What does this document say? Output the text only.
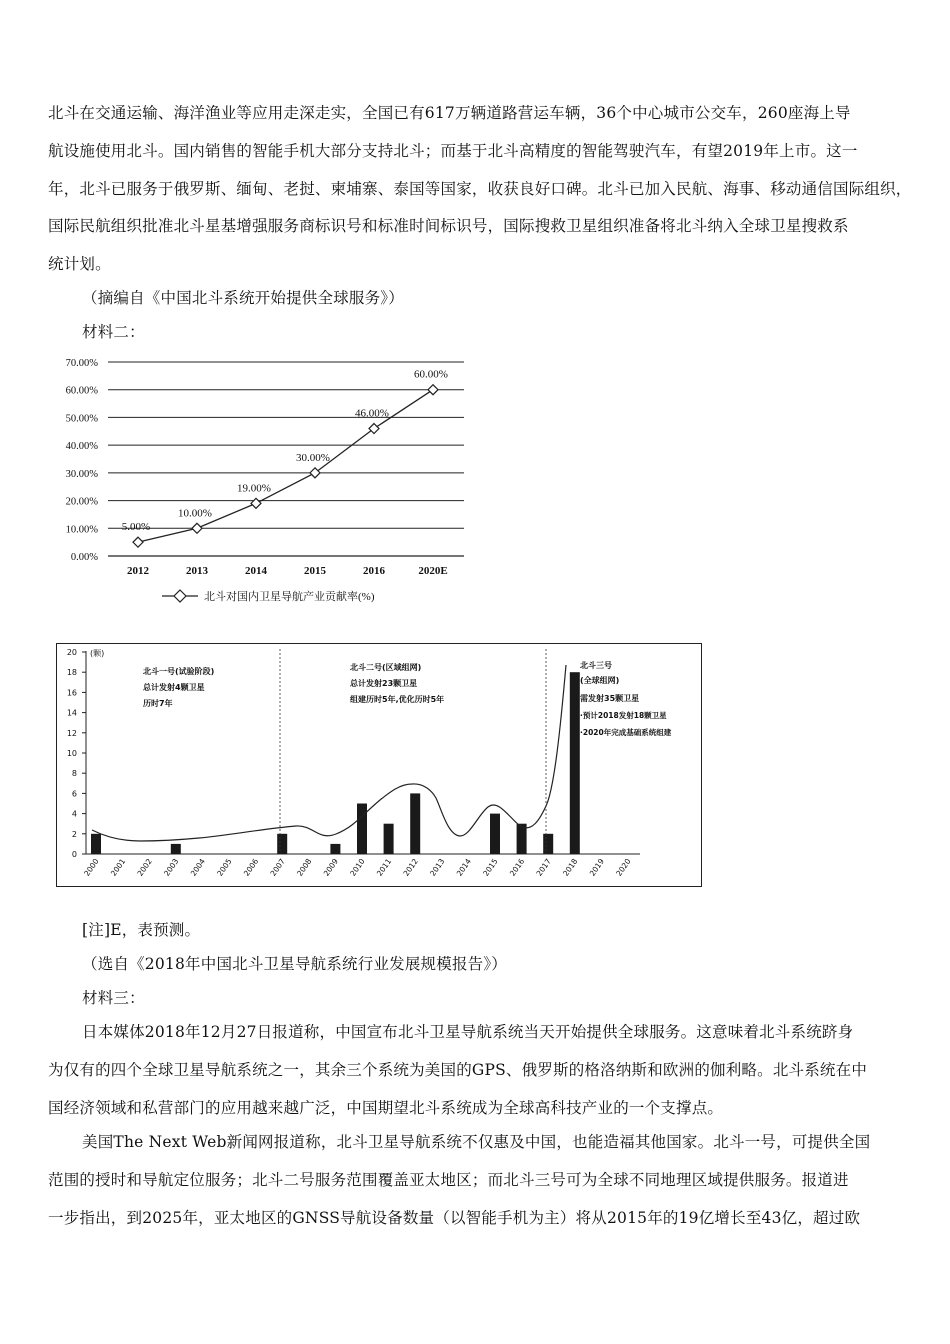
北斗在交通运输、海洋渔业等应用走深走实，全国已有617万辆道路营运车辆，36个中心城市公交车，260座海上导
航设施使用北斗。国内销售的智能手机大部分支持北斗；而基于北斗高精度的智能驾驶汽车，有望2019年上市。这一
年，北斗已服务于俄罗斯、缅甸、老挝、柬埔寨、泰国等国家，收获良好口碑。北斗已加入民航、海事、移动通信国际组织，
国际民航组织批准北斗星基增强服务商标识号和标准时间标识号，国际搜救卫星组织准备将北斗纳入全球卫星搜救系
统计划。
（摘编自《中国北斗系统开始提供全球服务》）
材料二：
0.00%
10.00%
20.00%
30.00%
40.00%
50.00%
60.00%
70.00%
2012	2013	2014	2015	2016	2020E
5.00%
10.00%
19.00%
30.00%
46.00%
60.00%
北斗对国内卫星导航产业贡献率(%)
(颗)
0
2
4
6
8
10
12
14
16
18
20
2000 2001 2002 2003 2004 2005 2006 2007 2008 2009 2010 2011 2012 2013 2014 2015 2016 2017 2018 2019 2020
北斗一号(试验阶段)
总计发射4颗卫星
历时7年
北斗二号(区域组网)
总计发射23颗卫星
组建历时5年,优化历时5年
北斗三号
(全球组网)
需发射35颗卫星
·预计2018发射18颗卫星
·2020年完成基础系统组建
[注]E，表预测。
（选自《2018年中国北斗卫星导航系统行业发展规模报告》）
材料三：
日本媒体2018年12月27日报道称，中国宣布北斗卫星导航系统当天开始提供全球服务。这意味着北斗系统跻身
为仅有的四个全球卫星导航系统之一，其余三个系统为美国的GPS、俄罗斯的格洛纳斯和欧洲的伽利略。北斗系统在中
国经济领域和私营部门的应用越来越广泛，中国期望北斗系统成为全球高科技产业的一个支撑点。
美国The Next Web新闻网报道称，北斗卫星导航系统不仅惠及中国，也能造福其他国家。北斗一号，可提供全国
范围的授时和导航定位服务；北斗二号服务范围覆盖亚太地区；而北斗三号可为全球不同地理区域提供服务。报道进
一步指出，到2025年，亚太地区的GNSS导航设备数量（以智能手机为主）将从2015年的19亿增长至43亿，超过欧
